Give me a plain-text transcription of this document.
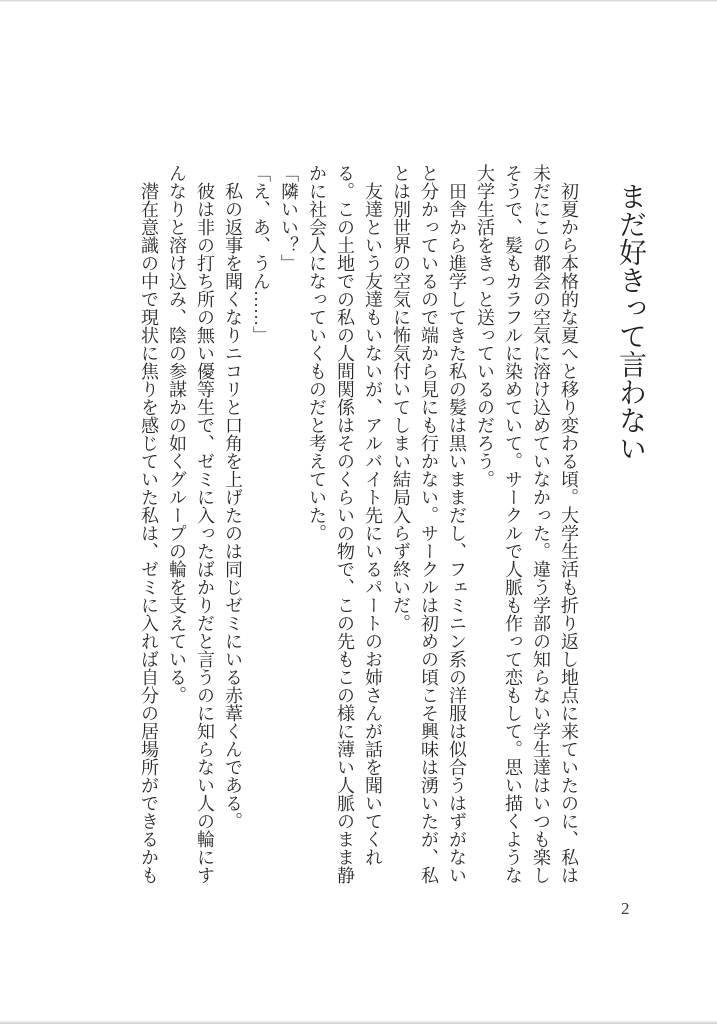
まだ好きって言わない

初夏から本格的な夏へと移り変わる頃。大学生活も折り返し地点に来ていたのに、私は未だにこの都会の空気に溶け込めていなかった。違う学部の知らない学生達はいつも楽しそうで、髪もカラフルに染めていて。サークルで人脈も作って恋もして。思い描くような大学生活をきっと送っているのだろう。

田舎から進学してきた私の髪は黒いままだし、フェミニン系の洋服は似合うはずがないと分かっているので端から見にも行かない。サークルは初めの頃こそ興味は湧いたが、私とは別世界の空気に怖気付いてしまい結局入らず終いだ。

友達という友達もいないが、アルバイト先にいるパートのお姉さんが話を聞いてくれる。この土地での私の人間関係はそのくらいの物で、この先もこの様に薄い人脈のまま静かに社会人になっていくものだと考えていた。

「隣いい？」

「え、あ、うん……」

私の返事を聞くなりニコリと口角を上げたのは同じゼミにいる赤葦くんである。

彼は非の打ち所の無い優等生で、ゼミに入ったばかりだと言うのに知らない人の輪にすんなりと溶け込み、陰の参謀かの如くグループの輪を支えている。

潜在意識の中で現状に焦りを感じていた私は、ゼミに入れば自分の居場所ができるかも

2
